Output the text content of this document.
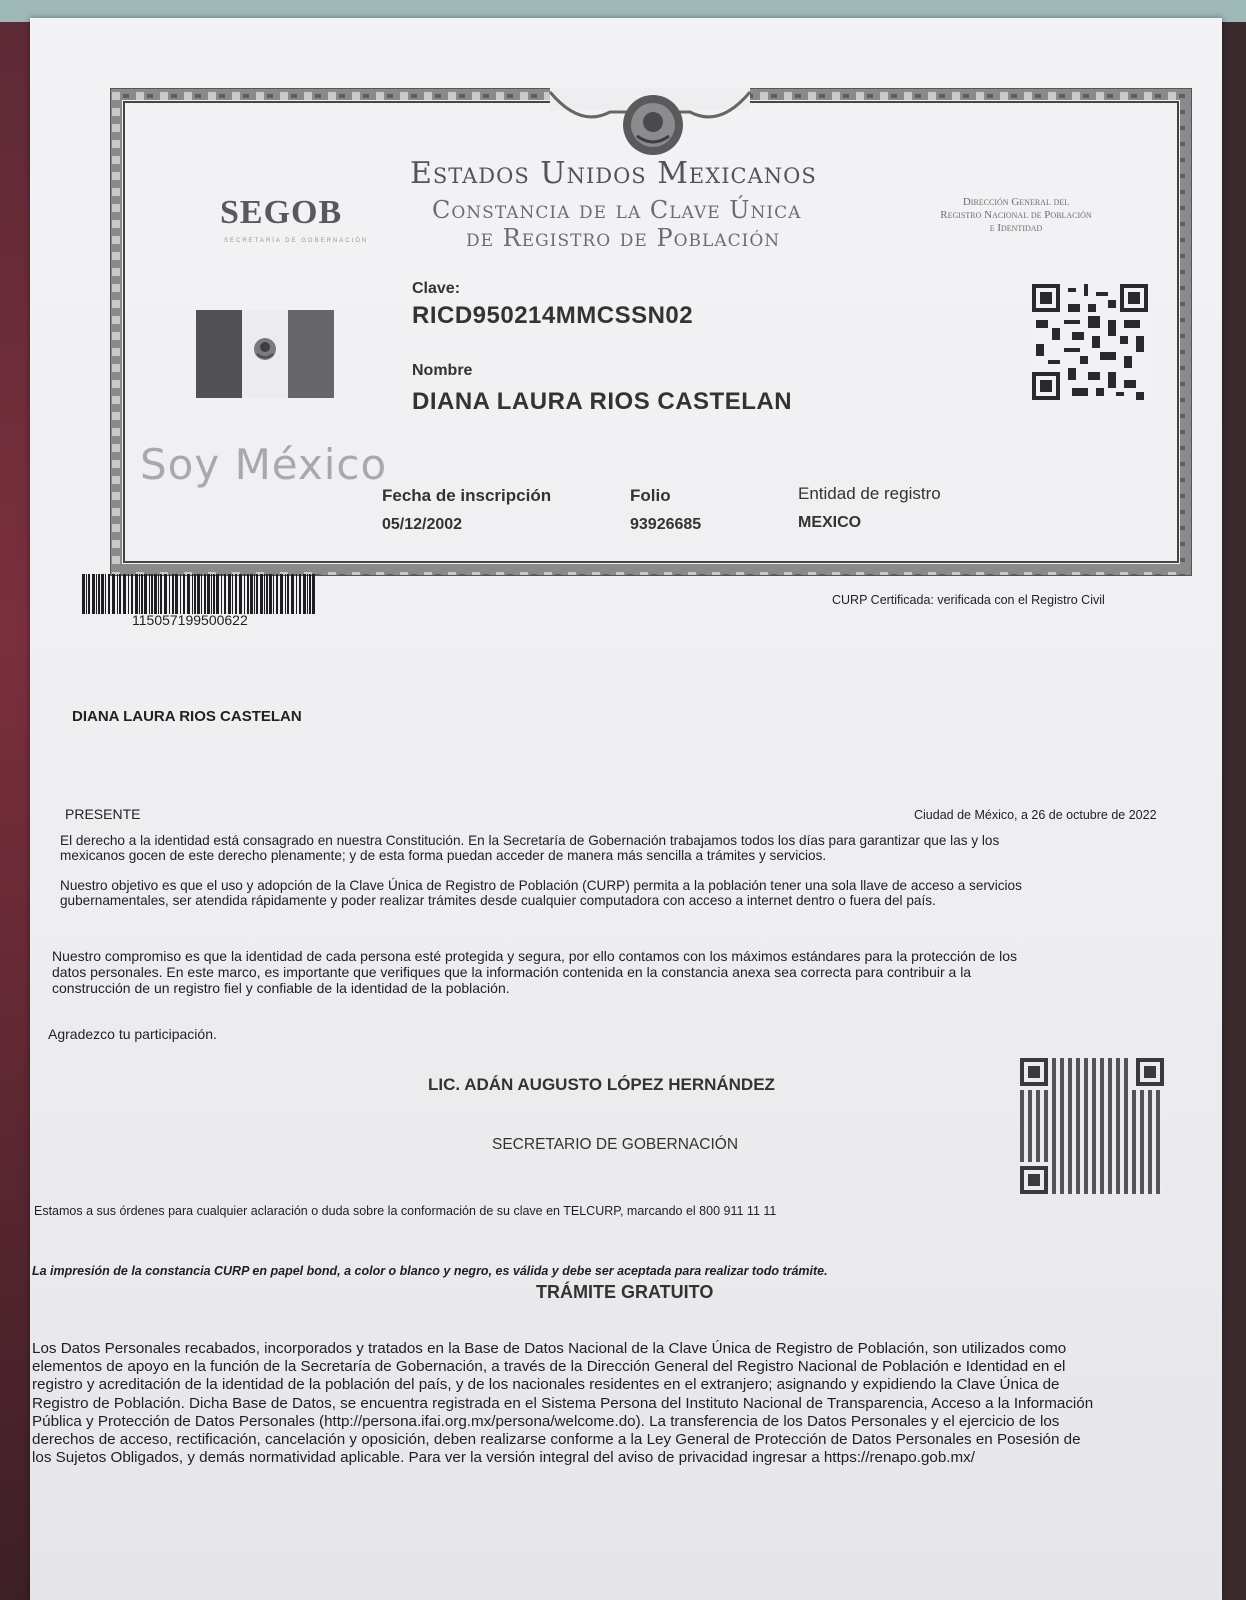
Estados Unidos Mexicanos
Constancia de la Clave Única
de Registro de Población
SEGOB
SECRETARÍA DE GOBERNACIÓN
Dirección General del
Registro Nacional de Población
e Identidad
Clave:
RICD950214MMCSSN02
Nombre
DIANA LAURA RIOS CASTELAN
Soy México
Fecha de inscripción
05/12/2002
Folio
93926685
Entidad de registro
MEXICO
115057199500622
CURP Certificada: verificada con el Registro Civil
DIANA LAURA RIOS CASTELAN
PRESENTE	Ciudad de México, a 26 de octubre de 2022
El derecho a la identidad está consagrado en nuestra Constitución. En la Secretaría de Gobernación trabajamos todos los días para garantizar que las y los
mexicanos gocen de este derecho plenamente; y de esta forma puedan acceder de manera más sencilla a trámites y servicios.
Nuestro objetivo es que el uso y adopción de la Clave Única de Registro de Población (CURP) permita a la población tener una sola llave de acceso a servicios
gubernamentales, ser atendida rápidamente y poder realizar trámites desde cualquier computadora con acceso a internet dentro o fuera del país.
Nuestro compromiso es que la identidad de cada persona esté protegida y segura, por ello contamos con los máximos estándares para la protección de los
datos personales. En este marco, es importante que verifiques que la información contenida en la constancia anexa sea correcta para contribuir a la
construcción de un registro fiel y confiable de la identidad de la población.
Agradezco tu participación.
LIC. ADÁN AUGUSTO LÓPEZ HERNÁNDEZ
SECRETARIO DE GOBERNACIÓN
Estamos a sus órdenes para cualquier aclaración o duda sobre la conformación de su clave en TELCURP, marcando el 800 911 11 11
La impresión de la constancia CURP en papel bond, a color o blanco y negro, es válida y debe ser aceptada para realizar todo trámite.
TRÁMITE GRATUITO
Los Datos Personales recabados, incorporados y tratados en la Base de Datos Nacional de la Clave Única de Registro de Población, son utilizados como
elementos de apoyo en la función de la Secretaría de Gobernación, a través de la Dirección General del Registro Nacional de Población e Identidad en el
registro y acreditación de la identidad de la población del país, y de los nacionales residentes en el extranjero; asignando y expidiendo la Clave Única de
Registro de Población. Dicha Base de Datos, se encuentra registrada en el Sistema Persona del Instituto Nacional de Transparencia, Acceso a la Información
Pública y Protección de Datos Personales (http://persona.ifai.org.mx/persona/welcome.do). La transferencia de los Datos Personales y el ejercicio de los
derechos de acceso, rectificación, cancelación y oposición, deben realizarse conforme a la Ley General de Protección de Datos Personales en Posesión de
los Sujetos Obligados, y demás normatividad aplicable. Para ver la versión integral del aviso de privacidad ingresar a https://renapo.gob.mx/
